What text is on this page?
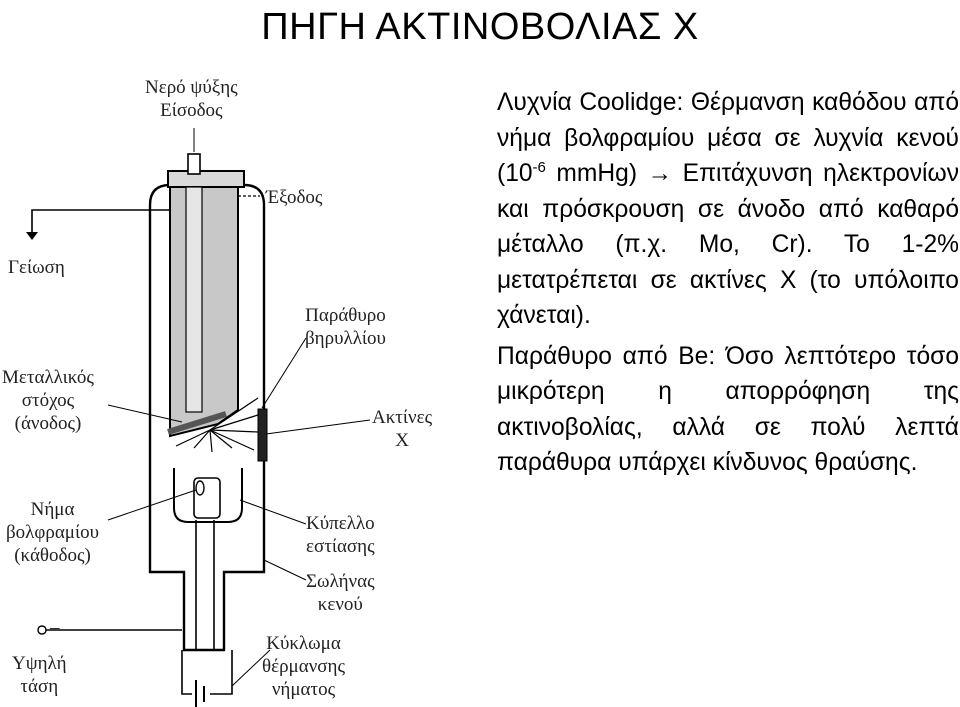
ΠΗΓΗ ΑΚΤΙΝΟΒΟΛΙΑΣ Χ
Νερό ψύξης
Είσοδος
Έξοδος
Γείωση
Παράθυρο
βηρυλλίου
Μεταλλικός
στόχος
(άνοδος)	Ακτίνες
X
Νήμα
βολφραμίου
(κάθοδος)
Κύπελλο
εστίασης
Σωλήνας
κενού
Κύκλωμα
θέρμανσης
νήματος
–
Υψηλή
τάση

Λυχνία Coolidge: Θέρμανση καθόδου από νήμα βολφραμίου μέσα σε λυχνία κενού ($10^{-6}$ mmHg) → Επιτάχυνση ηλεκτρονίων και πρόσκρουση σε άνοδο από καθαρό μέταλλο (π.χ. Mo, Cr). Το 1-2% μετατρέπεται σε ακτίνες Χ (το υπόλοιπο χάνεται).

Παράθυρο από Be: Όσο λεπτότερο τόσο μικρότερη η απορρόφηση της ακτινοβολίας, αλλά σε πολύ λεπτά παράθυρα υπάρχει κίνδυνος θραύσης.
